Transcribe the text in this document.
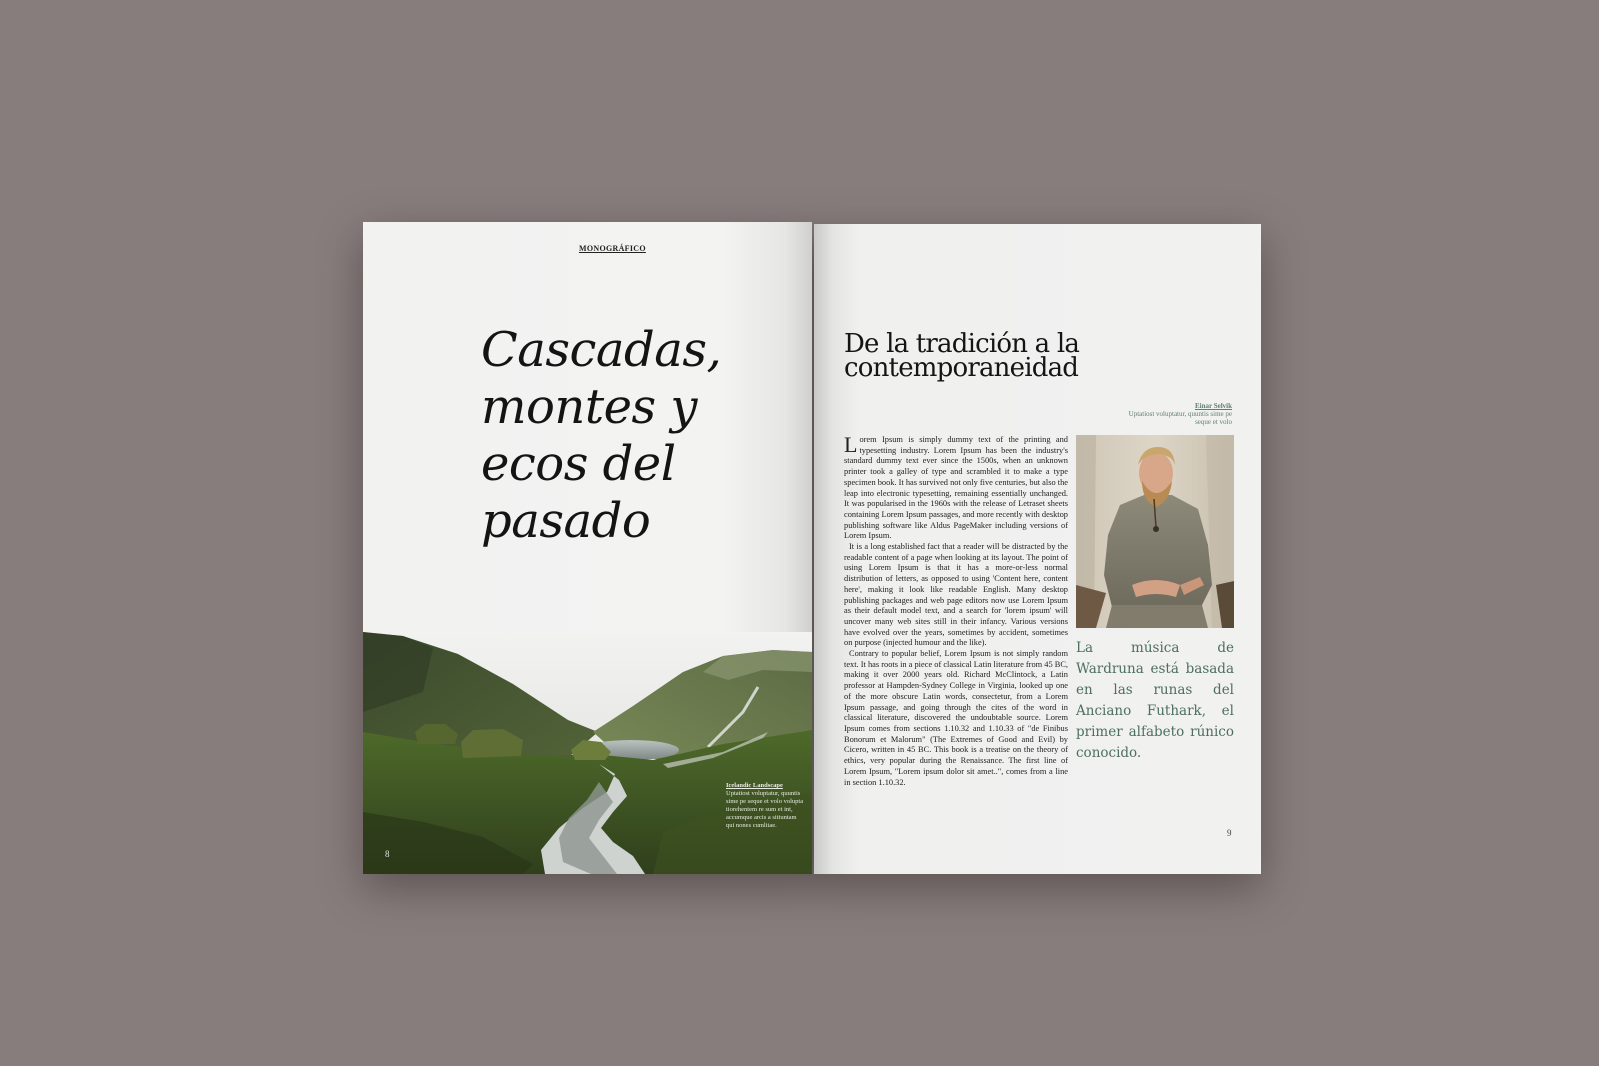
MONOGRÁFICO
Cascadas,
montes y
ecos del
pasado
Icelandic Landscape
Uptatiost voluptatur, quuntis sime pe seque et volo volupta tiorehentem re sum et int, accumque arcis a sitiuntam qui nones cumlitae.
8
De la tradición a la
contemporaneidad
Einar Selvik
Uptatiost voluptatur, quuntis sime pe seque et volo

Lorem Ipsum is simply dummy text of the printing and typesetting industry. Lorem Ipsum has been the industry's standard dummy text ever since the 1500s, when an unknown printer took a galley of type and scrambled it to make a type specimen book. It has survived not only five centuries, but also the leap into electronic typesetting, remaining essentially unchanged. It was popularised in the 1960s with the release of Letraset sheets containing Lorem Ipsum passages, and more recently with desktop publishing software like Aldus PageMaker including versions of Lorem Ipsum.

It is a long established fact that a reader will be distracted by the readable content of a page when looking at its layout. The point of using Lorem Ipsum is that it has a more-or-less normal distribution of letters, as opposed to using 'Content here, content here', making it look like readable English. Many desktop publishing packages and web page editors now use Lorem Ipsum as their default model text, and a search for 'lorem ipsum' will uncover many web sites still in their infancy. Various versions have evolved over the years, sometimes by accident, sometimes on purpose (injected humour and the like).

Contrary to popular belief, Lorem Ipsum is not simply random text. It has roots in a piece of classical Latin literature from 45 BC, making it over 2000 years old. Richard McClintock, a Latin professor at Hampden-Sydney College in Virginia, looked up one of the more obscure Latin words, consectetur, from a Lorem Ipsum passage, and going through the cites of the word in classical literature, discovered the undoubtable source. Lorem Ipsum comes from sections 1.10.32 and 1.10.33 of "de Finibus Bonorum et Malorum" (The Extremes of Good and Evil) by Cicero, written in 45 BC. This book is a treatise on the theory of ethics, very popular during the Renaissance. The first line of Lorem Ipsum, "Lorem ipsum dolor sit amet..", comes from a line in section 1.10.32.

La música de Wardruna está basada en las runas del Anciano Futhark, el primer alfabeto rúnico conocido.
9
